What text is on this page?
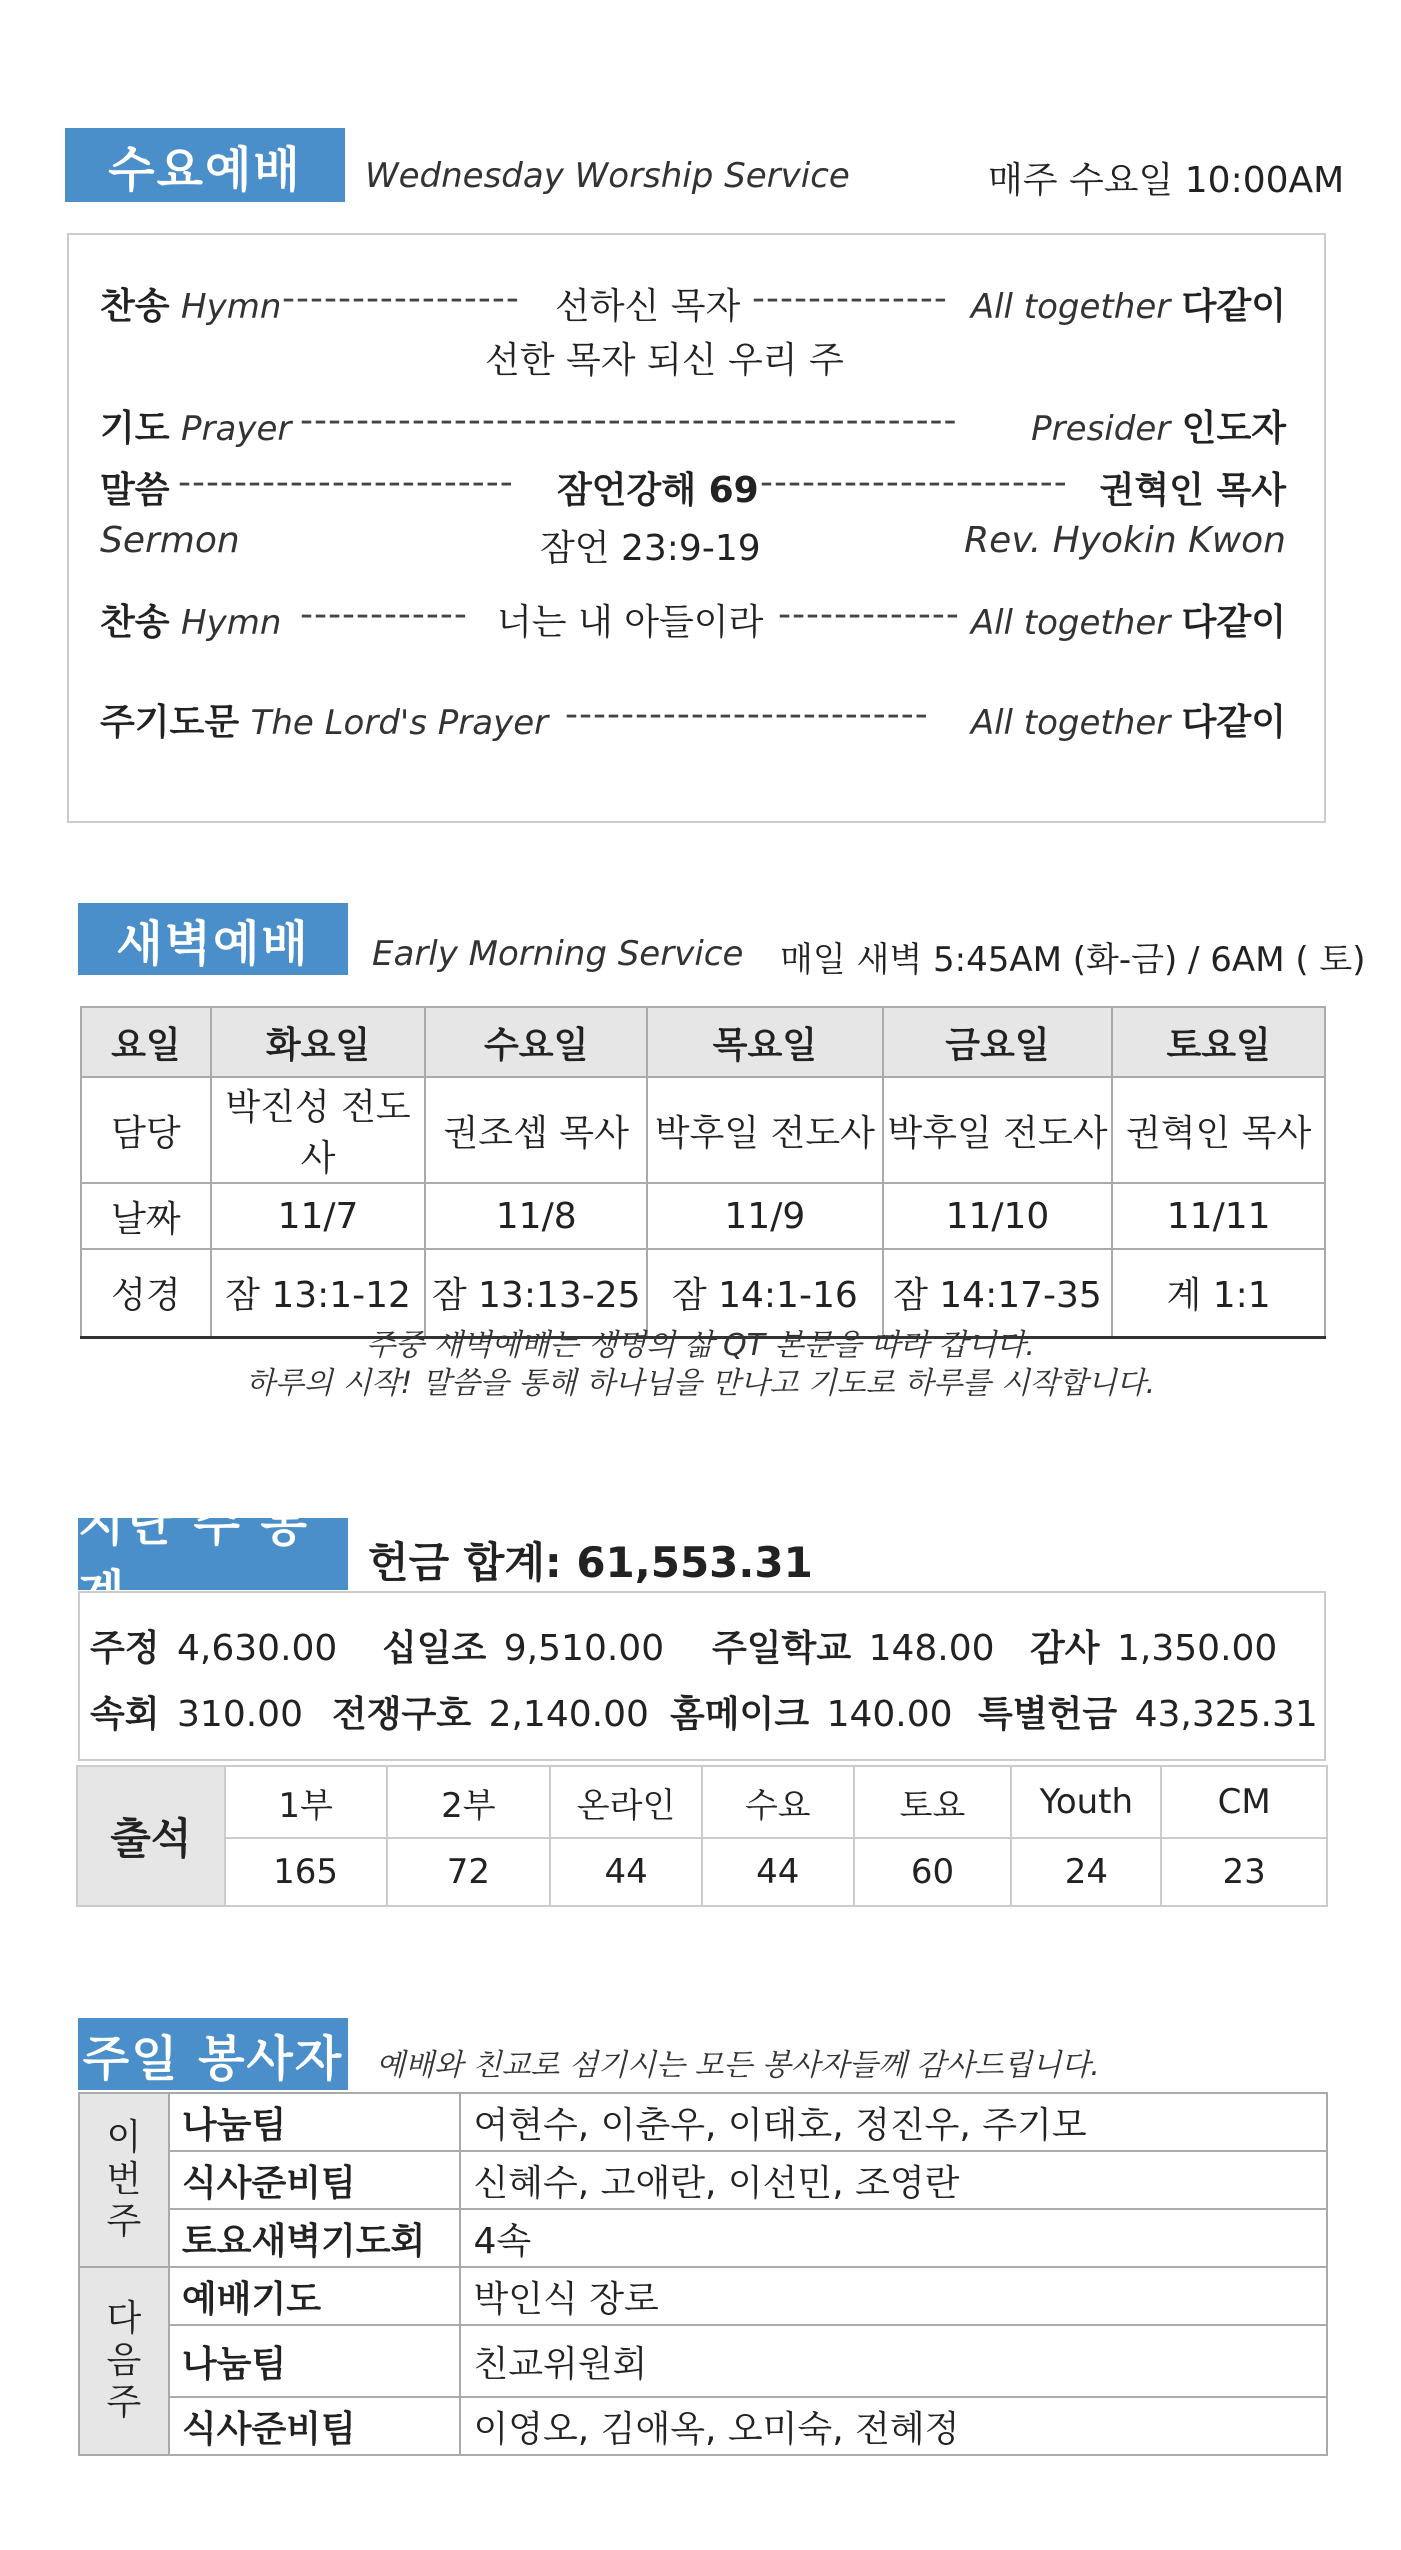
수요예배	Wednesday Worship Service	매주 수요일 10:00AM
찬송 Hymn ----------------- 선하신 목자 -------------- All together 다같이
선한 목자 되신 우리 주
기도 Prayer ----------------------------------------------- Presider 인도자
말씀 ------------------------ 잠언강해 69 ---------------------- 권혁인 목사
Sermon	잠언 23:9-19	Rev. Hyokin Kwon
찬송 Hymn ------------ 너는 내 아들이라 ------------- All together 다같이
주기도문 The Lord's Prayer -------------------------- All together 다같이
새벽예배	Early Morning Service 매일 새벽 5:45AM (화-금) / 6AM ( 토)
요일	화요일	수요일	목요일	금요일	토요일
담당	박진성 전도사	권조셉 목사	박후일 전도사	박후일 전도사	권혁인 목사
날짜	11/7	11/8	11/9	11/10	11/11
성경	잠 13:1-12	잠 13:13-25	잠 14:1-16	잠 14:17-35	계 1:1
주중 새벽예배는 생명의 삶 QT 본문을 따라 갑니다.
하루의 시작! 말씀을 통해 하나님을 만나고 기도로 하루를 시작합니다.
지난 주 통계
헌금 합계: 61,553.31
주정 4,630.00 십일조 9,510.00 주일학교 148.00 감사 1,350.00
속회 310.00 전쟁구호 2,140.00 홈메이크 140.00 특별헌금 43,325.31
출석	1부	2부	온라인	수요	토요	Youth	CM
	165	72	44	44	60	24	23
주일 봉사자 예배와 친교로 섬기시는 모든 봉사자들께 감사드립니다.
이
번
주	나눔팀	여현수, 이춘우, 이태호, 정진우, 주기모
	식사준비팀	신혜수, 고애란, 이선민, 조영란
	토요새벽기도회	4속
다
음
주	예배기도	박인식 장로
	나눔팀	친교위원회
	식사준비팀	이영오, 김애옥, 오미숙, 전혜정
